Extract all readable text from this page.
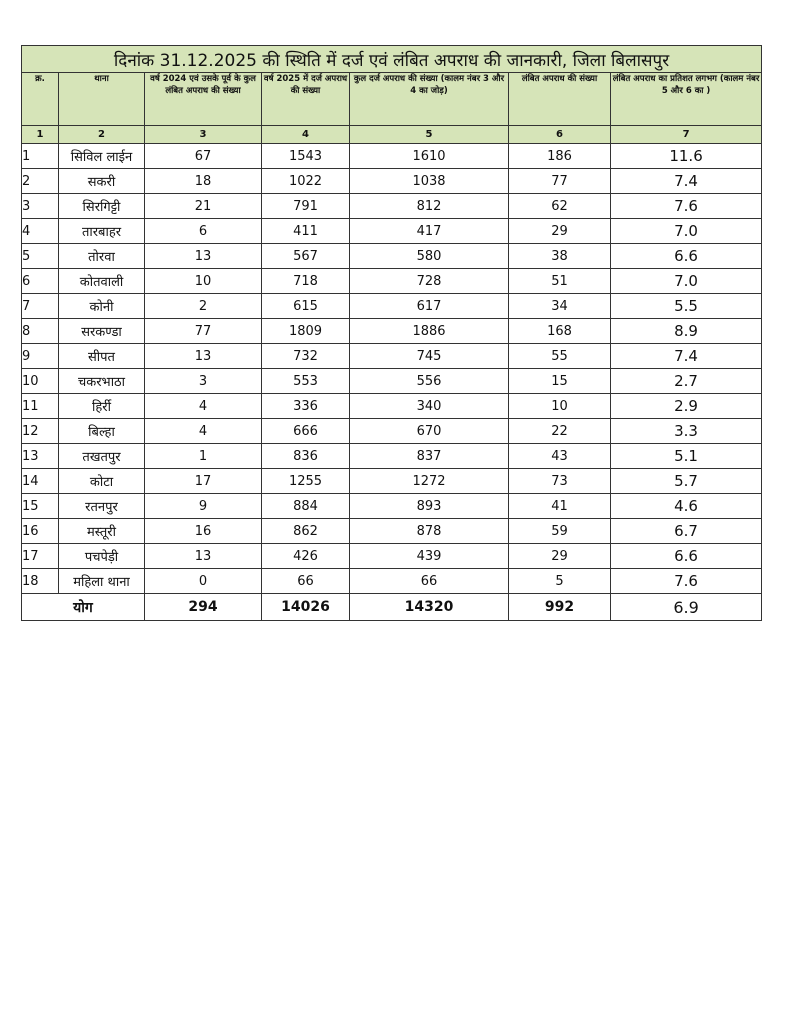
दिनांक 31.12.2025 की स्थिति में दर्ज एवं लंबित अपराध की जानकारी, जिला बिलासपुर						
क्र.	थाना	वर्ष 2024 एवं उसके पूर्व के कुल लंबित अपराध की संख्या	वर्ष 2025 में दर्ज अपराध की संख्या	कुल दर्ज अपराध की संख्या (कालम नंबर 3 और 4 का जोड़)	लंबित अपराध की संख्या	लंबित अपराध का प्रतिशत लगभग (कालम नंबर 5 और 6 का )
1	2	3	4	5	6	7
1	सिविल लाईन	67	1543	1610	186	11.6
2	सकरी	18	1022	1038	77	7.4
3	सिरगिट्टी	21	791	812	62	7.6
4	तारबाहर	6	411	417	29	7.0
5	तोरवा	13	567	580	38	6.6
6	कोतवाली	10	718	728	51	7.0
7	कोनी	2	615	617	34	5.5
8	सरकण्डा	77	1809	1886	168	8.9
9	सीपत	13	732	745	55	7.4
10	चकरभाठा	3	553	556	15	2.7
11	हिर्री	4	336	340	10	2.9
12	बिल्हा	4	666	670	22	3.3
13	तखतपुर	1	836	837	43	5.1
14	कोटा	17	1255	1272	73	5.7
15	रतनपुर	9	884	893	41	4.6
16	मस्तूरी	16	862	878	59	6.7
17	पचपेड़ी	13	426	439	29	6.6
18	महिला थाना	0	66	66	5	7.6
योग		294	14026	14320	992	6.9
